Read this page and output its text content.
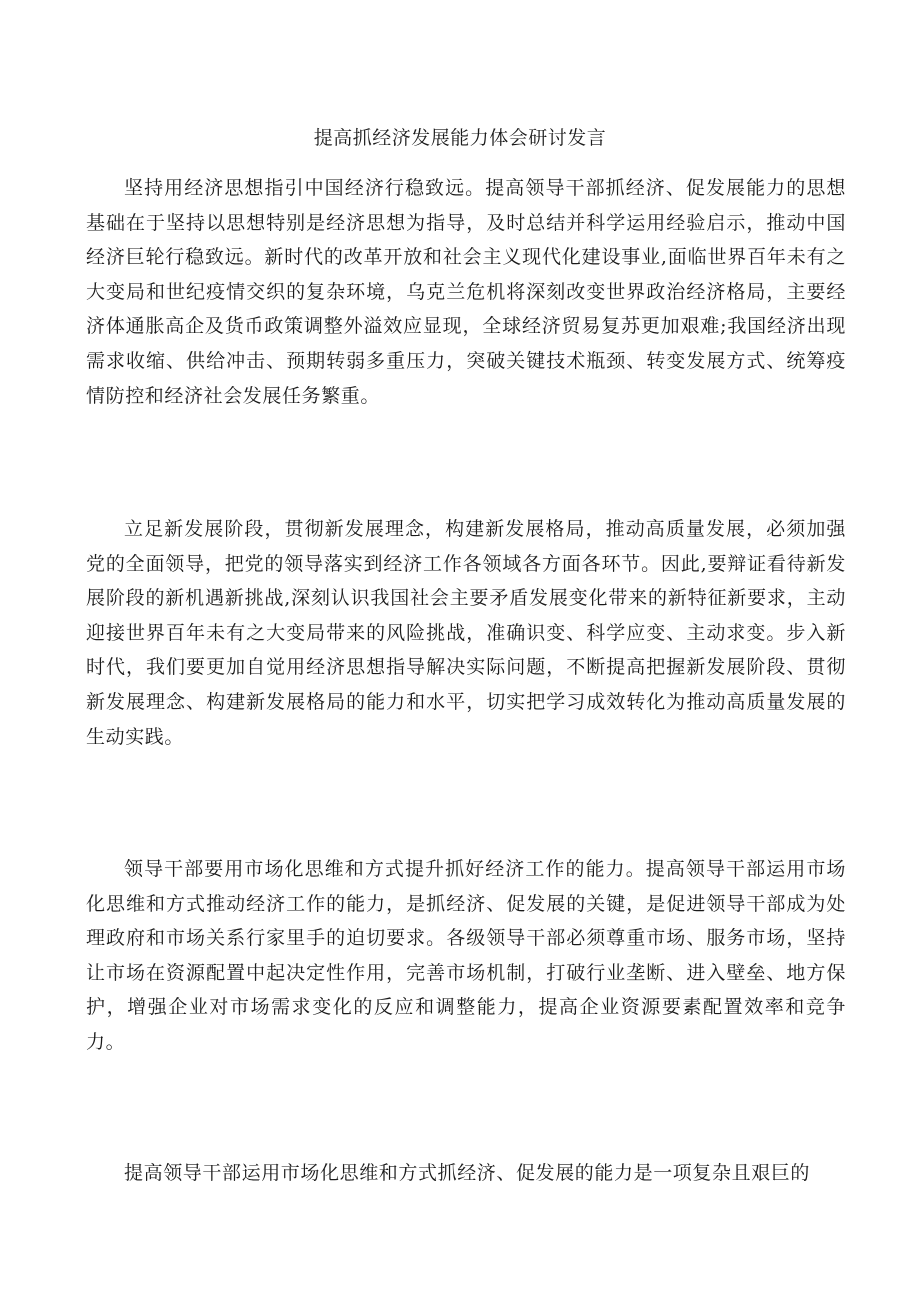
提高抓经济发展能力体会研讨发言

坚持用经济思想指引中国经济行稳致远。提高领导干部抓经济、促发展能力的思想基础在于坚持以思想特别是经济思想为指导，及时总结并科学运用经验启示，推动中国经济巨轮行稳致远。新时代的改革开放和社会主义现代化建设事业,面临世界百年未有之大变局和世纪疫情交织的复杂环境，乌克兰危机将深刻改变世界政治经济格局，主要经济体通胀高企及货币政策调整外溢效应显现，全球经济贸易复苏更加艰难;我国经济出现需求收缩、供给冲击、预期转弱多重压力，突破关键技术瓶颈、转变发展方式、统筹疫情防控和经济社会发展任务繁重。

立足新发展阶段，贯彻新发展理念，构建新发展格局，推动高质量发展，必须加强党的全面领导，把党的领导落实到经济工作各领域各方面各环节。因此,要辩证看待新发展阶段的新机遇新挑战,深刻认识我国社会主要矛盾发展变化带来的新特征新要求，主动迎接世界百年未有之大变局带来的风险挑战，准确识变、科学应变、主动求变。步入新时代，我们要更加自觉用经济思想指导解决实际问题，不断提高把握新发展阶段、贯彻新发展理念、构建新发展格局的能力和水平，切实把学习成效转化为推动高质量发展的生动实践。

领导干部要用市场化思维和方式提升抓好经济工作的能力。提高领导干部运用市场化思维和方式推动经济工作的能力，是抓经济、促发展的关键，是促进领导干部成为处理政府和市场关系行家里手的迫切要求。各级领导干部必须尊重市场、服务市场，坚持让市场在资源配置中起决定性作用，完善市场机制，打破行业垄断、进入壁垒、地方保护，增强企业对市场需求变化的反应和调整能力，提高企业资源要素配置效率和竞争力。

提高领导干部运用市场化思维和方式抓经济、促发展的能力是一项复杂且艰巨的
